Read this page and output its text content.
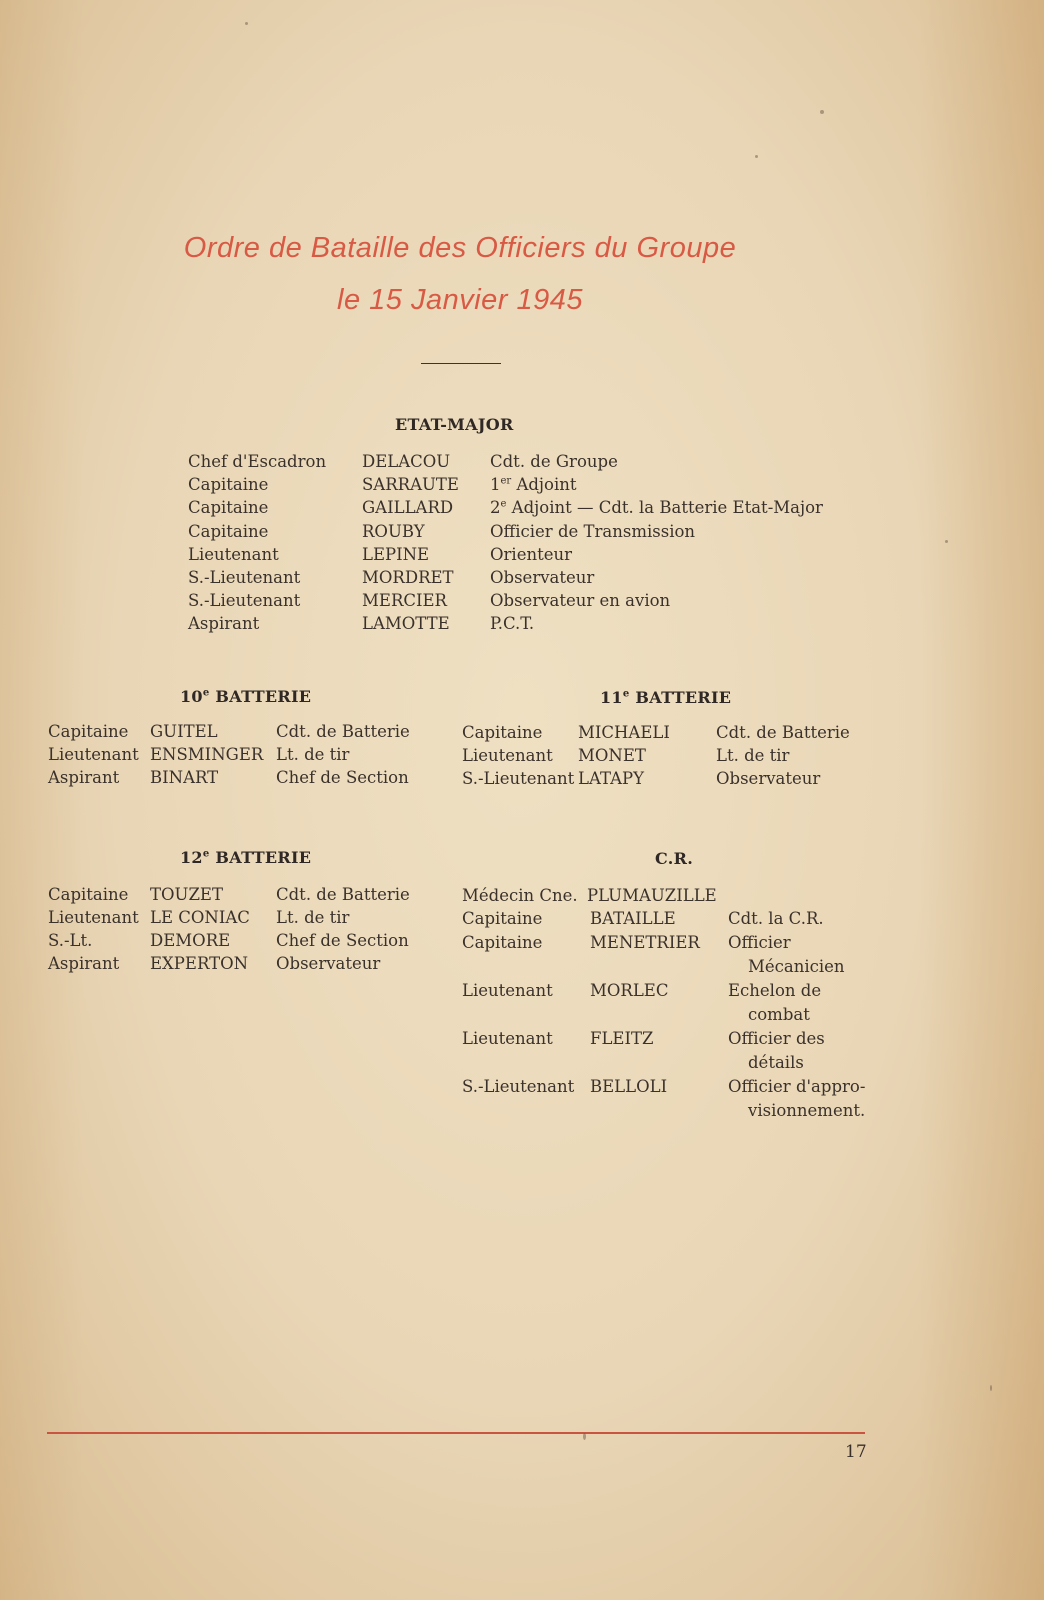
Ordre de Bataille des Officiers du Groupe
le 15 Janvier 1945
ETAT-MAJOR
Chef d'Escadron DELACOU Cdt. de Groupe
Capitaine	SARRAUTE 1er Adjoint
Capitaine	GAILLARD 2e Adjoint — Cdt. la Batterie Etat-Major
Capitaine	ROUBY	Officier de Transmission
Lieutenant	LEPINE	Orienteur
S.-Lieutenant	MORDRET Observateur
S.-Lieutenant	MERCIER	Observateur en avion
Aspirant	LAMOTTE P.C.T.
10e BATTERIE
Capitaine GUITEL	Cdt. de Batterie
Lieutenant ENSMINGER Lt. de tir
Aspirant BINART	Chef de Section
11e BATTERIE
Capitaine MICHAELI	Cdt. de Batterie
Lieutenant MONET	Lt. de tir
S.-Lieutenant LATAPY	Observateur
12e BATTERIE
Capitaine TOUZET	Cdt. de Batterie
Lieutenant LE CONIAC Lt. de tir
S.-Lt.	DEMORE	Chef de Section
Aspirant EXPERTON Observateur
C.R.
Médecin Cne. PLUMAUZILLE
Capitaine	BATAILLE	Cdt. la C.R.
Capitaine	MENETRIER Officier
Mécanicien
Lieutenant MORLEC	Echelon de
combat
Lieutenant FLEITZ	Officier des
détails
S.-Lieutenant BELLOLI	Officier d'appro-
visionnement.
17
